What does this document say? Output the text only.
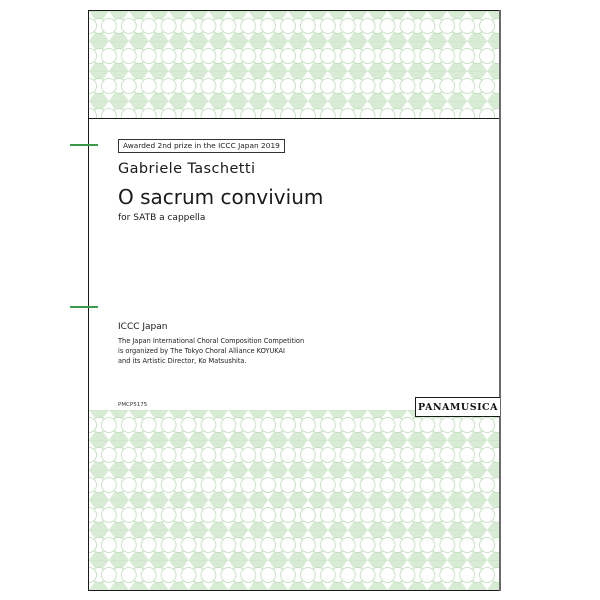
Awarded 2nd prize in the ICCC Japan 2019
Gabriele Taschetti
O sacrum convivium
for SATB a cappella
ICCC Japan
The Japan International Choral Composition Competition
is organized by The Tokyo Choral Alliance KOYUKAI
and its Artistic Director, Ko Matsushita.
PMCP5175	PANAMUSICA
